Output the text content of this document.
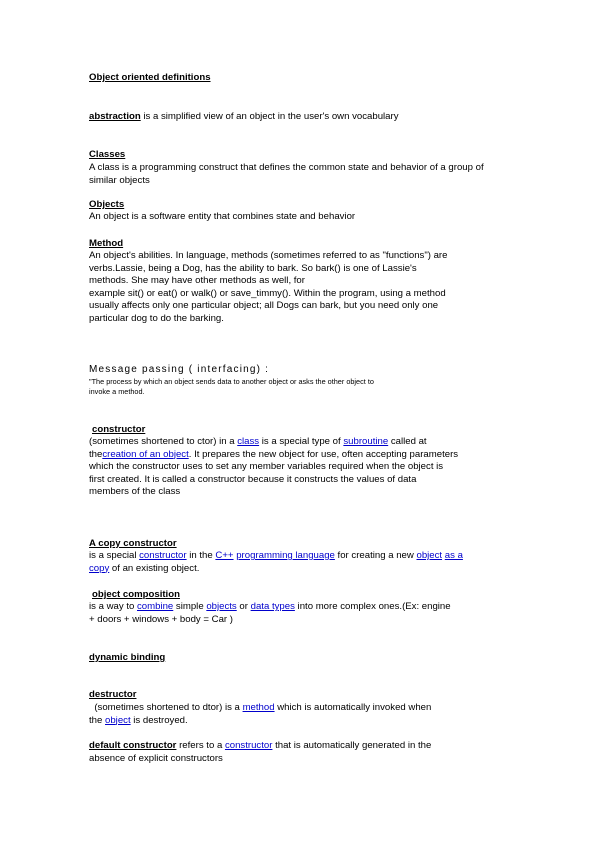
Object oriented definitions
abstraction is a simplified view of an object in the user's own vocabulary
Classes
A class is a programming construct that defines the common state and behavior of a group of similar objects
Objects
An object is a software entity that combines state and behavior
Method
An object's abilities. In language, methods (sometimes referred to as "functions") are
verbs.Lassie, being a Dog, has the ability to bark. So bark() is one of Lassie's
methods. She may have other methods as well, for
example sit() or eat() or walk() or save_timmy(). Within the program, using a method
usually affects only one particular object; all Dogs can bark, but you need only one
particular dog to do the barking.
Message passing ( interfacing) :
"The process by which an object sends data to another object or asks the other object to
invoke a method.
constructor
(sometimes shortened to ctor) in a class is a special type of subroutine called at
thecreation of an object. It prepares the new object for use, often accepting parameters
which the constructor uses to set any member variables required when the object is
first created. It is called a constructor because it constructs the values of data
members of the class
A copy constructor
is a special constructor in the C++ programming language for creating a new object as a
copy of an existing object.
object composition
is a way to combine simple objects or data types into more complex ones.(Ex: engine
+ doors + windows + body = Car )
dynamic binding
destructor
(sometimes shortened to dtor) is a method which is automatically invoked when
the object is destroyed.
default constructor refers to a constructor that is automatically generated in the
absence of explicit constructors
